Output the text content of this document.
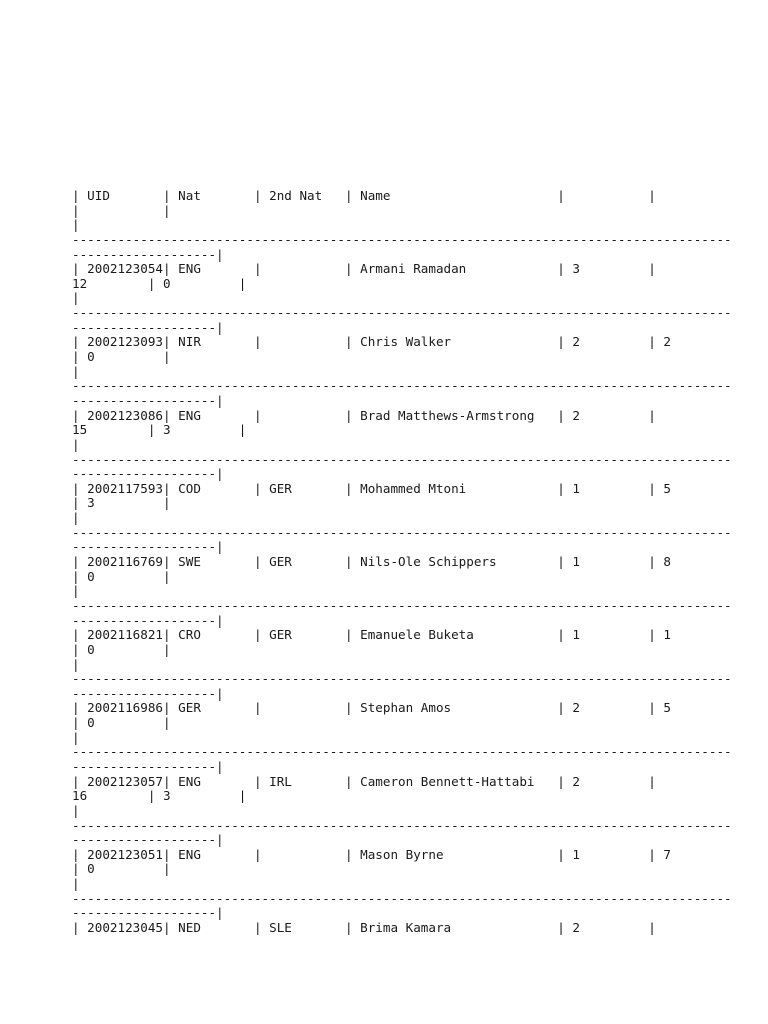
| UID       | Nat       | 2nd Nat   | Name                      |           |
|           |
|
---------------------------------------------------------------------------------------
-------------------|
| 2002123054| ENG       |           | Armani Ramadan            | 3         |
12        | 0         |
|
---------------------------------------------------------------------------------------
-------------------|
| 2002123093| NIR       |           | Chris Walker              | 2         | 2
| 0         |
|
---------------------------------------------------------------------------------------
-------------------|
| 2002123086| ENG       |           | Brad Matthews-Armstrong   | 2         |
15        | 3         |
|
---------------------------------------------------------------------------------------
-------------------|
| 2002117593| COD       | GER       | Mohammed Mtoni            | 1         | 5
| 3         |
|
---------------------------------------------------------------------------------------
-------------------|
| 2002116769| SWE       | GER       | Nils-Ole Schippers        | 1         | 8
| 0         |
|
---------------------------------------------------------------------------------------
-------------------|
| 2002116821| CRO       | GER       | Emanuele Buketa           | 1         | 1
| 0         |
|
---------------------------------------------------------------------------------------
-------------------|
| 2002116986| GER       |           | Stephan Amos              | 2         | 5
| 0         |
|
---------------------------------------------------------------------------------------
-------------------|
| 2002123057| ENG       | IRL       | Cameron Bennett-Hattabi   | 2         |
16        | 3         |
|
---------------------------------------------------------------------------------------
-------------------|
| 2002123051| ENG       |           | Mason Byrne               | 1         | 7
| 0         |
|
---------------------------------------------------------------------------------------
-------------------|
| 2002123045| NED       | SLE       | Brima Kamara              | 2         |
